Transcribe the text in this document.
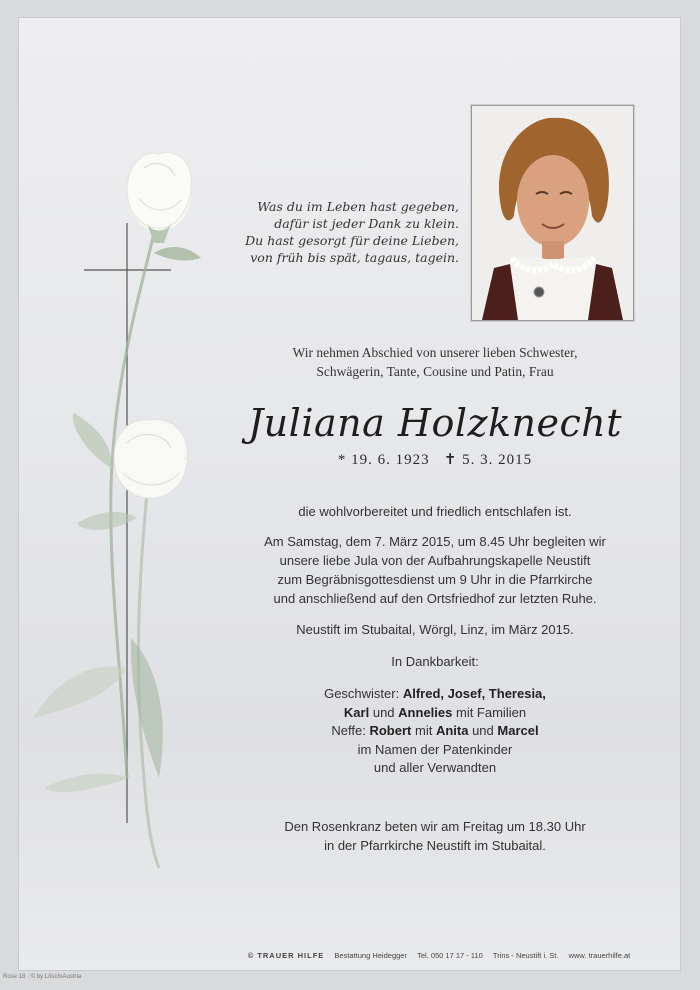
Was du im Leben hast gegeben,
dafür ist jeder Dank zu klein.
Du hast gesorgt für deine Lieben,
von früh bis spät, tagaus, tagein.
Wir nehmen Abschied von unserer lieben Schwester,
Schwägerin, Tante, Cousine und Patin, Frau
Juliana Holzknecht
* 19. 6. 1923 ✝ 5. 3. 2015
die wohlvorbereitet und friedlich entschlafen ist.
Am Samstag, dem 7. März 2015, um 8.45 Uhr begleiten wir
unsere liebe Jula von der Aufbahrungskapelle Neustift
zum Begräbnisgottesdienst um 9 Uhr in die Pfarrkirche
und anschließend auf den Ortsfriedhof zur letzten Ruhe.
Neustift im Stubaital, Wörgl, Linz, im März 2015.
In Dankbarkeit:
Geschwister: Alfred, Josef, Theresia,
Karl und Annelies mit Familien
Neffe: Robert mit Anita und Marcel
im Namen der Patenkinder
und aller Verwandten
Den Rosenkranz beten wir am Freitag um 18.30 Uhr
in der Pfarrkirche Neustift im Stubaital.
© TRAUER HILFE Bestattung Heidegger Tel. 050 17 17 - 110 Trins - Neustift i. St. www. trauerhilfe.at
Rose 18 · © by Lösch/Austria
